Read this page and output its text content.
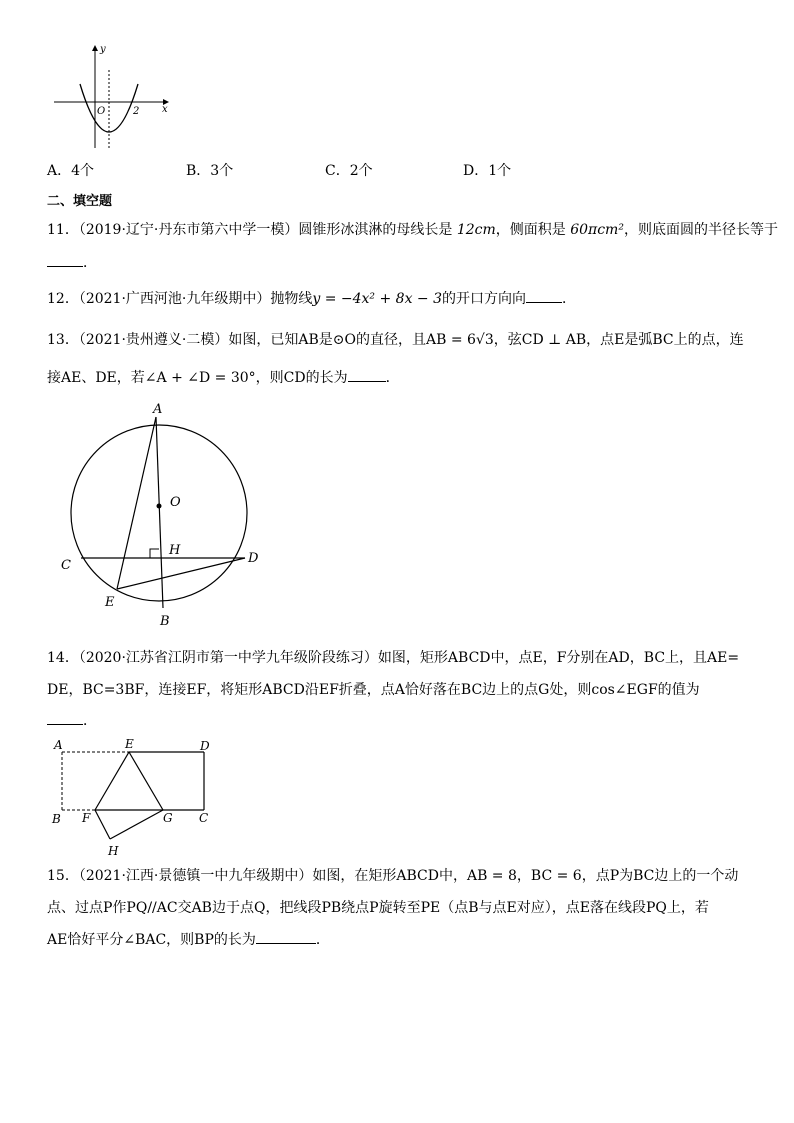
y
O	x
2
A．4个	B．3个	C．2个	D．1个
二、填空题
11．（2019·辽宁·丹东市第六中学一模）圆锥形冰淇淋的母线长是 12cm，侧面积是 60πcm²，则底面圆的半径长等于
．
12．（2021·广西河池·九年级期中）抛物线y = −4x² + 8x − 3的开口方向向	．
13．（2021·贵州遵义·二模）如图，已知AB是⊙O的直径，且AB = 6√3，弦CD ⊥ AB，点E是弧BC上的点，连
接AE、DE，若∠A + ∠D = 30°，则CD的长为	．
A
O
H
C	D
E
B
14．（2020·江苏省江阴市第一中学九年级阶段练习）如图，矩形ABCD中，点E，F分别在AD，BC上，且AE=
DE，BC=3BF，连接EF，将矩形ABCD沿EF折叠，点A恰好落在BC边上的点G处，则cos∠EGF的值为
．
A	E	D
B F	G C
H
15．（2021·江西·景德镇一中九年级期中）如图，在矩形ABCD中，AB = 8，BC = 6，点P为BC边上的一个动
点、过点P作PQ//AC交AB边于点Q，把线段PB绕点P旋转至PE（点B与点E对应），点E落在线段PQ上，若
AE恰好平分∠BAC，则BP的长为	．
